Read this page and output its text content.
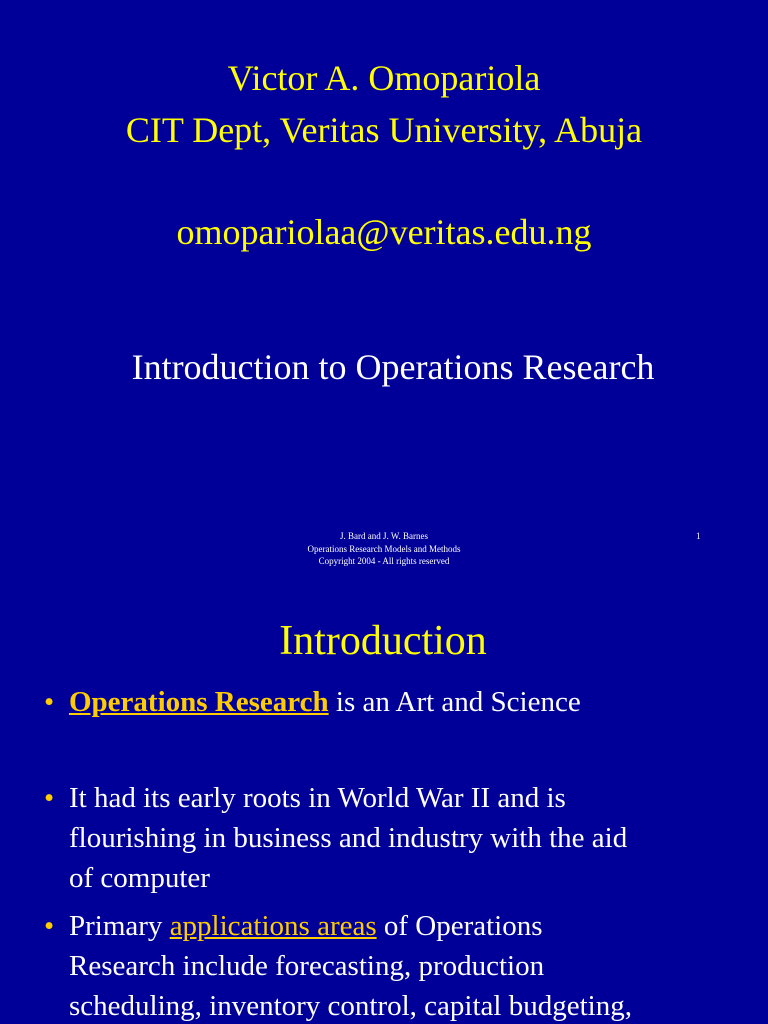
Victor A. Omopariola
CIT Dept, Veritas University, Abuja
omopariolaa@veritas.edu.ng
Introduction to Operations Research
J. Bard and J. W. Barnes
Operations Research Models and Methods
Copyright 2004 - All rights reserved
1
Introduction
• Operations Research is an Art and Science
• It had its early roots in World War II and is
flourishing in business and industry with the aid
of computer
• Primary applications areas of Operations
Research include forecasting, production
scheduling, inventory control, capital budgeting,
